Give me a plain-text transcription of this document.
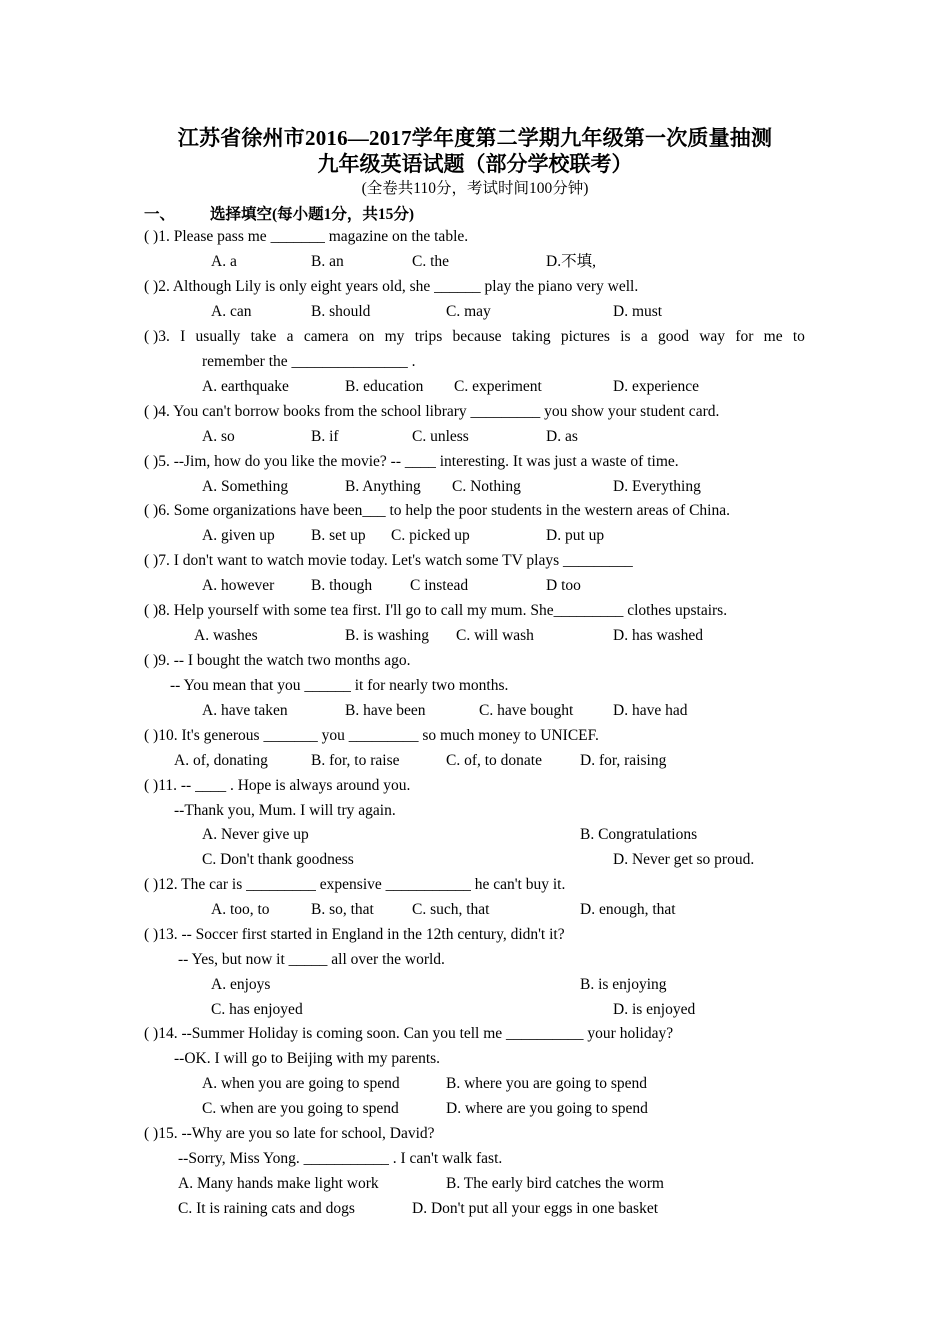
江苏省徐州市2016—2017学年度第二学期九年级第一次质量抽测
九年级英语试题（部分学校联考）
(全卷共110分，考试时间100分钟)
一、 选择填空(每小题1分，共15分)
( )1. Please pass me _______ magazine on the table.
A. a	B. an	C. the	D.不填,
( )2. Although Lily is only eight years old, she ______ play the piano very well.
A. can	B. should	C. may	D. must
( )3. I usually take a camera on my trips because taking pictures is a good way for me to
remember the _______________ .
A. earthquake	B. education C. experiment	D. experience
( )4. You can't borrow books from the school library _________ you show your student card.
A. so	B. if	C. unless	D. as
( )5. --Jim, how do you like the movie? -- ____ interesting. It was just a waste of time.
A. Something	B. Anything C. Nothing	D. Everything
( )6. Some organizations have been___ to help the poor students in the western areas of China.
A. given up B. set up C. picked up	D. put up
( )7. I don't want to watch movie today. Let's watch some TV plays _________
A. however B. though C instead	D too
( )8. Help yourself with some tea first. I'll go to call my mum. She_________ clothes upstairs.
A. washes	B. is washing C. will wash	D. has washed
( )9. -- I bought the watch two months ago.
-- You mean that you ______ it for nearly two months.
A. have taken	B. have been	C. have bought	D. have had
( )10. It's generous _______ you _________ so much money to UNICEF.
A. of, donating	B. for, to raise	C. of, to donate D. for, raising
( )11. -- ____ . Hope is always around you.
--Thank you, Mum. I will try again.
A. Never give up	B. Congratulations
C. Don't thank goodness	D. Never get so proud.
( )12. The car is _________ expensive ___________ he can't buy it.
A. too, to	B. so, that C. such, that	D. enough, that
( )13. -- Soccer first started in England in the 12th century, didn't it?
-- Yes, but now it _____ all over the world.
A. enjoys	B. is enjoying
C. has enjoyed	D. is enjoyed
( )14. --Summer Holiday is coming soon. Can you tell me __________ your holiday?
--OK. I will go to Beijing with my parents.
A. when you are going to spend	B. where you are going to spend
C. when are you going to spend	D. where are you going to spend
( )15. --Why are you so late for school, David?
--Sorry, Miss Yong. ___________ . I can't walk fast.
A. Many hands make light work	B. The early bird catches the worm
C. It is raining cats and dogs	D. Don't put all your eggs in one basket
